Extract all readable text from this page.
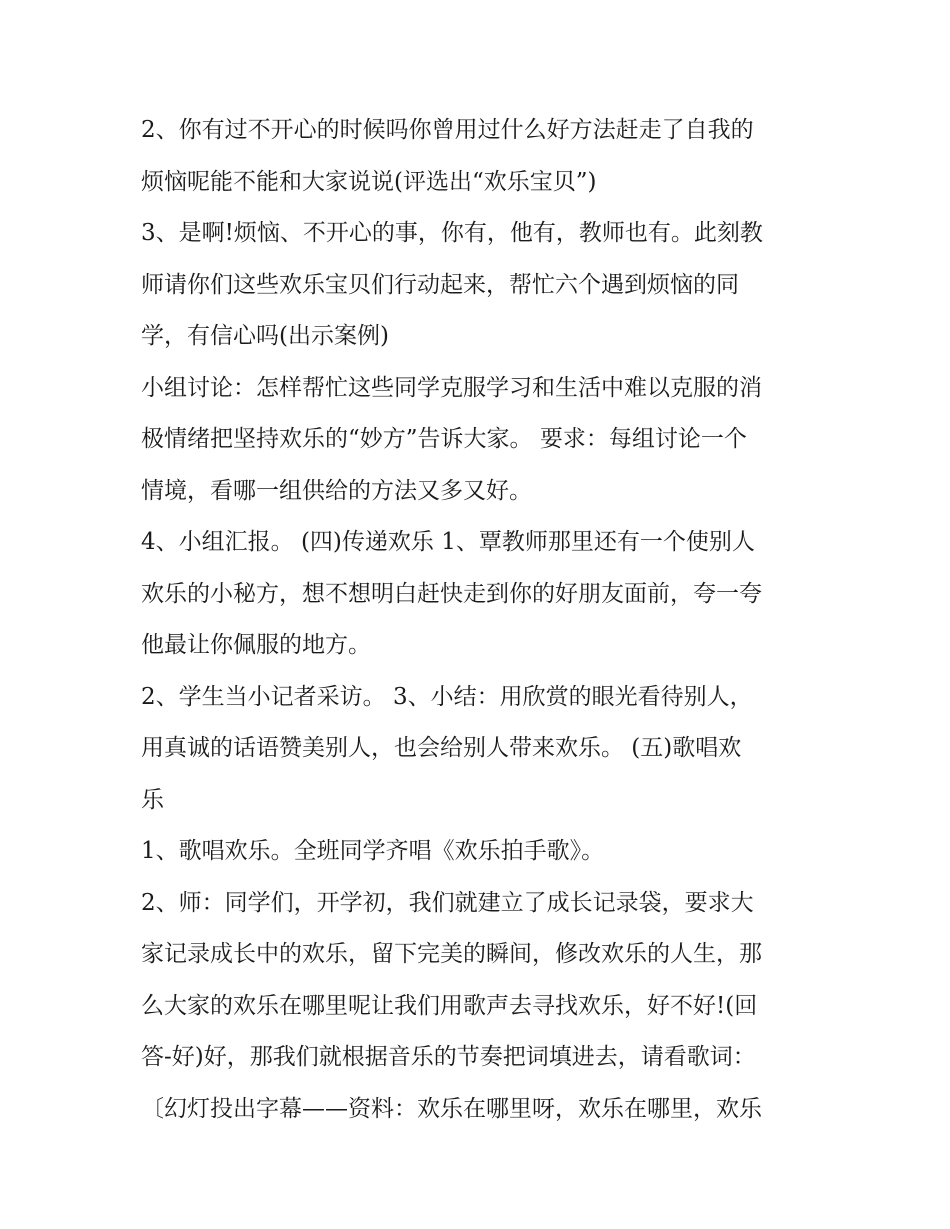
2、你有过不开心的时候吗你曾用过什么好方法赶走了自我的
烦恼呢能不能和大家说说(评选出“欢乐宝贝”)
3、是啊!烦恼、不开心的事，你有，他有，教师也有。此刻教
师请你们这些欢乐宝贝们行动起来，帮忙六个遇到烦恼的同
学，有信心吗(出示案例)
小组讨论：怎样帮忙这些同学克服学习和生活中难以克服的消
极情绪把坚持欢乐的“妙方”告诉大家。 要求：每组讨论一个
情境，看哪一组供给的方法又多又好。
4、小组汇报。 (四)传递欢乐 1、覃教师那里还有一个使别人
欢乐的小秘方，想不想明白赶快走到你的好朋友面前，夸一夸
他最让你佩服的地方。
2、学生当小记者采访。 3、小结：用欣赏的眼光看待别人，
用真诚的话语赞美别人，也会给别人带来欢乐。 (五)歌唱欢
乐
1、歌唱欢乐。全班同学齐唱《欢乐拍手歌》。
2、师：同学们，开学初，我们就建立了成长记录袋，要求大
家记录成长中的欢乐，留下完美的瞬间，修改欢乐的人生，那
么大家的欢乐在哪里呢让我们用歌声去寻找欢乐，好不好!(回
答-好)好，那我们就根据音乐的节奏把词填进去，请看歌词：
〔幻灯投出字幕——资料：欢乐在哪里呀，欢乐在哪里，欢乐
